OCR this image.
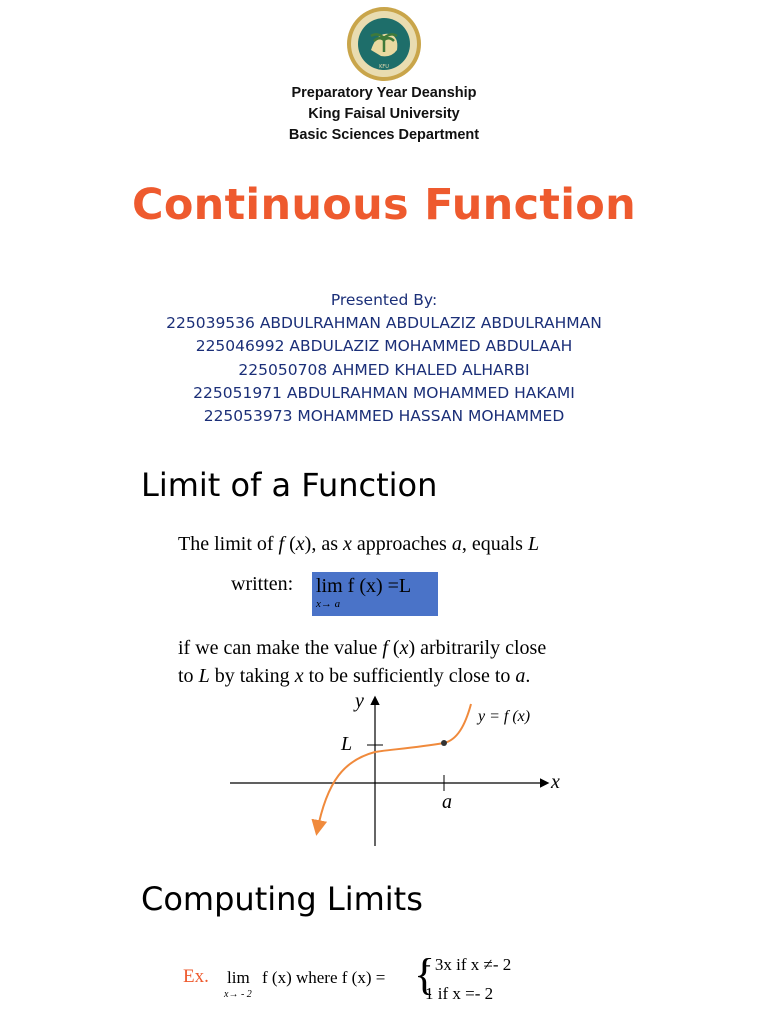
KFU
Preparatory Year Deanship
King Faisal University
Basic Sciences Department
Continuous Function
Presented By:
225039536 ABDULRAHMAN ABDULAZIZ ABDULRAHMAN
225046992 ABDULAZIZ MOHAMMED ABDULAAH
225050708 AHMED KHALED ALHARBI
225051971 ABDULRAHMAN MOHAMMED HAKAMI
225053973 MOHAMMED HASSAN MOHAMMED
Limit of a Function
The limit of f (x), as x approaches a, equals L
written: lim f (x) =L
x→ a
if we can make the value f (x) arbitrarily close
to L by taking x to be sufficiently close to a.
y
x
L
a
y = f (x)
Computing Limits
Ex. lim
x→ - 2
f (x) where f (x) = {
- 3x if x ≠- 2
1 if x =- 2
